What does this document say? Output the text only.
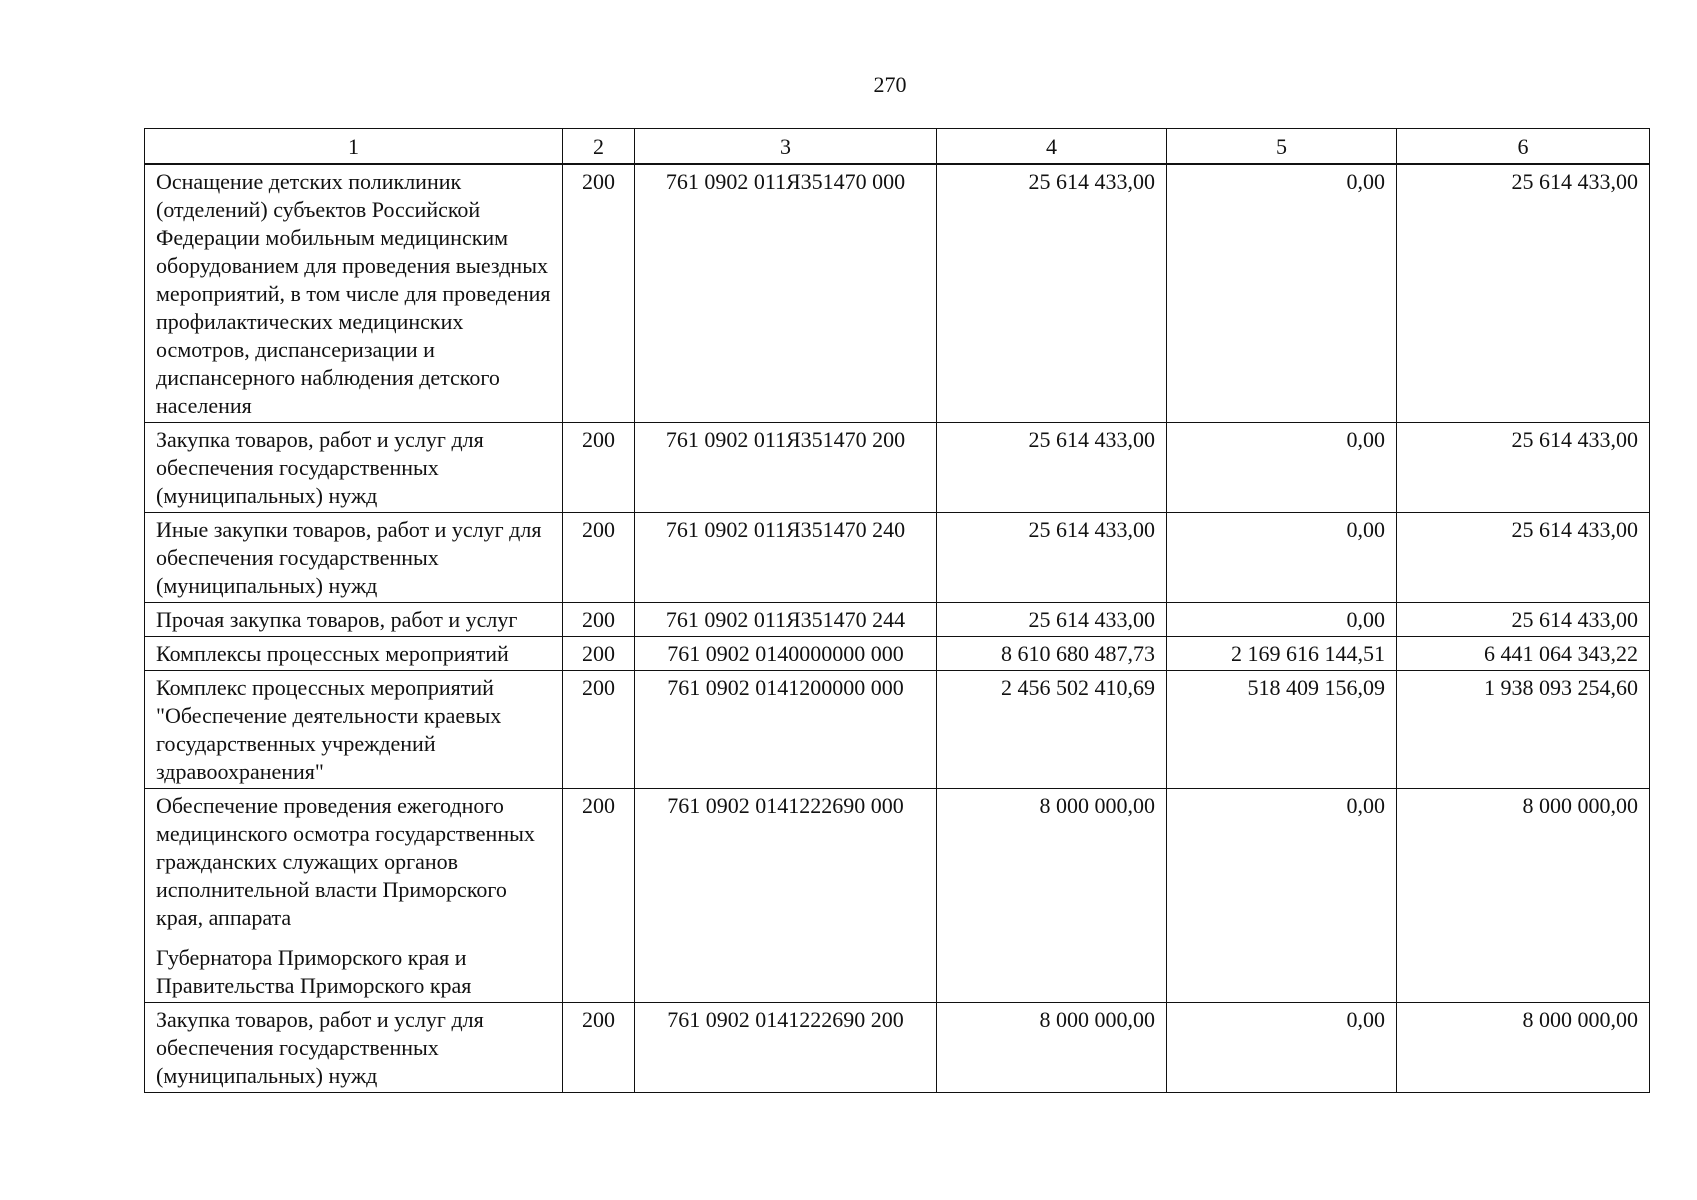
270
1	2	3	4	5	6

Оснащение детских поликлиник (отделений) субъектов Российской Федерации мобильным медицинским оборудованием для проведения выездных мероприятий, в том числе для проведения профилактических медицинских осмотров, диспансеризации и диспансерного наблюдения детского населения	200	761 0902 011Я351470 000	25 614 433,00	0,00	25 614 433,00

Закупка товаров, работ и услуг для обеспечения государственных (муниципальных) нужд	200	761 0902 011Я351470 200	25 614 433,00	0,00	25 614 433,00

Иные закупки товаров, работ и услуг для обеспечения государственных (муниципальных) нужд	200	761 0902 011Я351470 240	25 614 433,00	0,00	25 614 433,00

Прочая закупка товаров, работ и услуг	200	761 0902 011Я351470 244	25 614 433,00	0,00	25 614 433,00

Комплексы процессных мероприятий	200	761 0902 0140000000 000	8 610 680 487,73	2 169 616 144,51	6 441 064 343,22

Комплекс процессных мероприятий "Обеспечение деятельности краевых государственных учреждений здравоохранения"	200	761 0902 0141200000 000	2 456 502 410,69	518 409 156,09	1 938 093 254,60

Обеспечение проведения ежегодного медицинского осмотра государственных гражданских служащих органов исполнительной власти Приморского края, аппарата
Губернатора Приморского края и Правительства Приморского края	200	761 0902 0141222690 000	8 000 000,00	0,00	8 000 000,00

Закупка товаров, работ и услуг для обеспечения государственных (муниципальных) нужд	200	761 0902 0141222690 200	8 000 000,00	0,00	8 000 000,00
